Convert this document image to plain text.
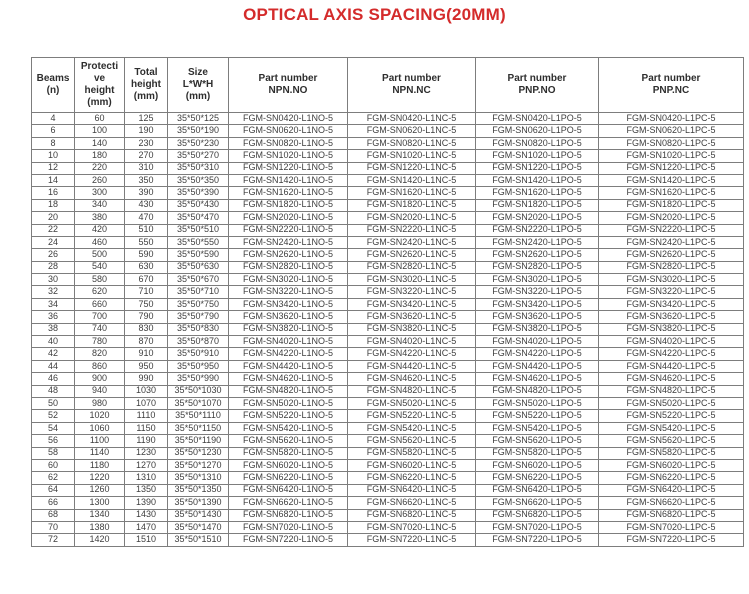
OPTICAL AXIS SPACING(20MM)
Beams
(n)

Protecti
ve
height
(mm)

Total
height
(mm)

Size
L*W*H
(mm)

Part number
NPN.NO

Part number
NPN.NC

Part number
PNP.NO

Part number
PNP.NC

4	60	125	35*50*125	FGM-SN0420-L1NO-5	FGM-SN0420-L1NC-5	FGM-SN0420-L1PO-5	FGM-SN0420-L1PC-5
6	100	190	35*50*190	FGM-SN0620-L1NO-5	FGM-SN0620-L1NC-5	FGM-SN0620-L1PO-5	FGM-SN0620-L1PC-5
8	140	230	35*50*230	FGM-SN0820-L1NO-5	FGM-SN0820-L1NC-5	FGM-SN0820-L1PO-5	FGM-SN0820-L1PC-5
10	180	270	35*50*270	FGM-SN1020-L1NO-5	FGM-SN1020-L1NC-5	FGM-SN1020-L1PO-5	FGM-SN1020-L1PC-5
12	220	310	35*50*310	FGM-SN1220-L1NO-5	FGM-SN1220-L1NC-5	FGM-SN1220-L1PO-5	FGM-SN1220-L1PC-5
14	260	350	35*50*350	FGM-SN1420-L1NO-5	FGM-SN1420-L1NC-5	FGM-SN1420-L1PO-5	FGM-SN1420-L1PC-5
16	300	390	35*50*390	FGM-SN1620-L1NO-5	FGM-SN1620-L1NC-5	FGM-SN1620-L1PO-5	FGM-SN1620-L1PC-5
18	340	430	35*50*430	FGM-SN1820-L1NO-5	FGM-SN1820-L1NC-5	FGM-SN1820-L1PO-5	FGM-SN1820-L1PC-5
20	380	470	35*50*470	FGM-SN2020-L1NO-5	FGM-SN2020-L1NC-5	FGM-SN2020-L1PO-5	FGM-SN2020-L1PC-5
22	420	510	35*50*510	FGM-SN2220-L1NO-5	FGM-SN2220-L1NC-5	FGM-SN2220-L1PO-5	FGM-SN2220-L1PC-5
24	460	550	35*50*550	FGM-SN2420-L1NO-5	FGM-SN2420-L1NC-5	FGM-SN2420-L1PO-5	FGM-SN2420-L1PC-5
26	500	590	35*50*590	FGM-SN2620-L1NO-5	FGM-SN2620-L1NC-5	FGM-SN2620-L1PO-5	FGM-SN2620-L1PC-5
28	540	630	35*50*630	FGM-SN2820-L1NO-5	FGM-SN2820-L1NC-5	FGM-SN2820-L1PO-5	FGM-SN2820-L1PC-5
30	580	670	35*50*670	FGM-SN3020-L1NO-5	FGM-SN3020-L1NC-5	FGM-SN3020-L1PO-5	FGM-SN3020-L1PC-5
32	620	710	35*50*710	FGM-SN3220-L1NO-5	FGM-SN3220-L1NC-5	FGM-SN3220-L1PO-5	FGM-SN3220-L1PC-5
34	660	750	35*50*750	FGM-SN3420-L1NO-5	FGM-SN3420-L1NC-5	FGM-SN3420-L1PO-5	FGM-SN3420-L1PC-5
36	700	790	35*50*790	FGM-SN3620-L1NO-5	FGM-SN3620-L1NC-5	FGM-SN3620-L1PO-5	FGM-SN3620-L1PC-5
38	740	830	35*50*830	FGM-SN3820-L1NO-5	FGM-SN3820-L1NC-5	FGM-SN3820-L1PO-5	FGM-SN3820-L1PC-5
40	780	870	35*50*870	FGM-SN4020-L1NO-5	FGM-SN4020-L1NC-5	FGM-SN4020-L1PO-5	FGM-SN4020-L1PC-5
42	820	910	35*50*910	FGM-SN4220-L1NO-5	FGM-SN4220-L1NC-5	FGM-SN4220-L1PO-5	FGM-SN4220-L1PC-5
44	860	950	35*50*950	FGM-SN4420-L1NO-5	FGM-SN4420-L1NC-5	FGM-SN4420-L1PO-5	FGM-SN4420-L1PC-5
46	900	990	35*50*990	FGM-SN4620-L1NO-5	FGM-SN4620-L1NC-5	FGM-SN4620-L1PO-5	FGM-SN4620-L1PC-5
48	940	1030	35*50*1030	FGM-SN4820-L1NO-5	FGM-SN4820-L1NC-5	FGM-SN4820-L1PO-5	FGM-SN4820-L1PC-5
50	980	1070	35*50*1070	FGM-SN5020-L1NO-5	FGM-SN5020-L1NC-5	FGM-SN5020-L1PO-5	FGM-SN5020-L1PC-5
52	1020	1110	35*50*1110	FGM-SN5220-L1NO-5	FGM-SN5220-L1NC-5	FGM-SN5220-L1PO-5	FGM-SN5220-L1PC-5
54	1060	1150	35*50*1150	FGM-SN5420-L1NO-5	FGM-SN5420-L1NC-5	FGM-SN5420-L1PO-5	FGM-SN5420-L1PC-5
56	1100	1190	35*50*1190	FGM-SN5620-L1NO-5	FGM-SN5620-L1NC-5	FGM-SN5620-L1PO-5	FGM-SN5620-L1PC-5
58	1140	1230	35*50*1230	FGM-SN5820-L1NO-5	FGM-SN5820-L1NC-5	FGM-SN5820-L1PO-5	FGM-SN5820-L1PC-5
60	1180	1270	35*50*1270	FGM-SN6020-L1NO-5	FGM-SN6020-L1NC-5	FGM-SN6020-L1PO-5	FGM-SN6020-L1PC-5
62	1220	1310	35*50*1310	FGM-SN6220-L1NO-5	FGM-SN6220-L1NC-5	FGM-SN6220-L1PO-5	FGM-SN6220-L1PC-5
64	1260	1350	35*50*1350	FGM-SN6420-L1NO-5	FGM-SN6420-L1NC-5	FGM-SN6420-L1PO-5	FGM-SN6420-L1PC-5
66	1300	1390	35*50*1390	FGM-SN6620-L1NO-5	FGM-SN6620-L1NC-5	FGM-SN6620-L1PO-5	FGM-SN6620-L1PC-5
68	1340	1430	35*50*1430	FGM-SN6820-L1NO-5	FGM-SN6820-L1NC-5	FGM-SN6820-L1PO-5	FGM-SN6820-L1PC-5
70	1380	1470	35*50*1470	FGM-SN7020-L1NO-5	FGM-SN7020-L1NC-5	FGM-SN7020-L1PO-5	FGM-SN7020-L1PC-5
72	1420	1510	35*50*1510	FGM-SN7220-L1NO-5	FGM-SN7220-L1NC-5	FGM-SN7220-L1PO-5	FGM-SN7220-L1PC-5
